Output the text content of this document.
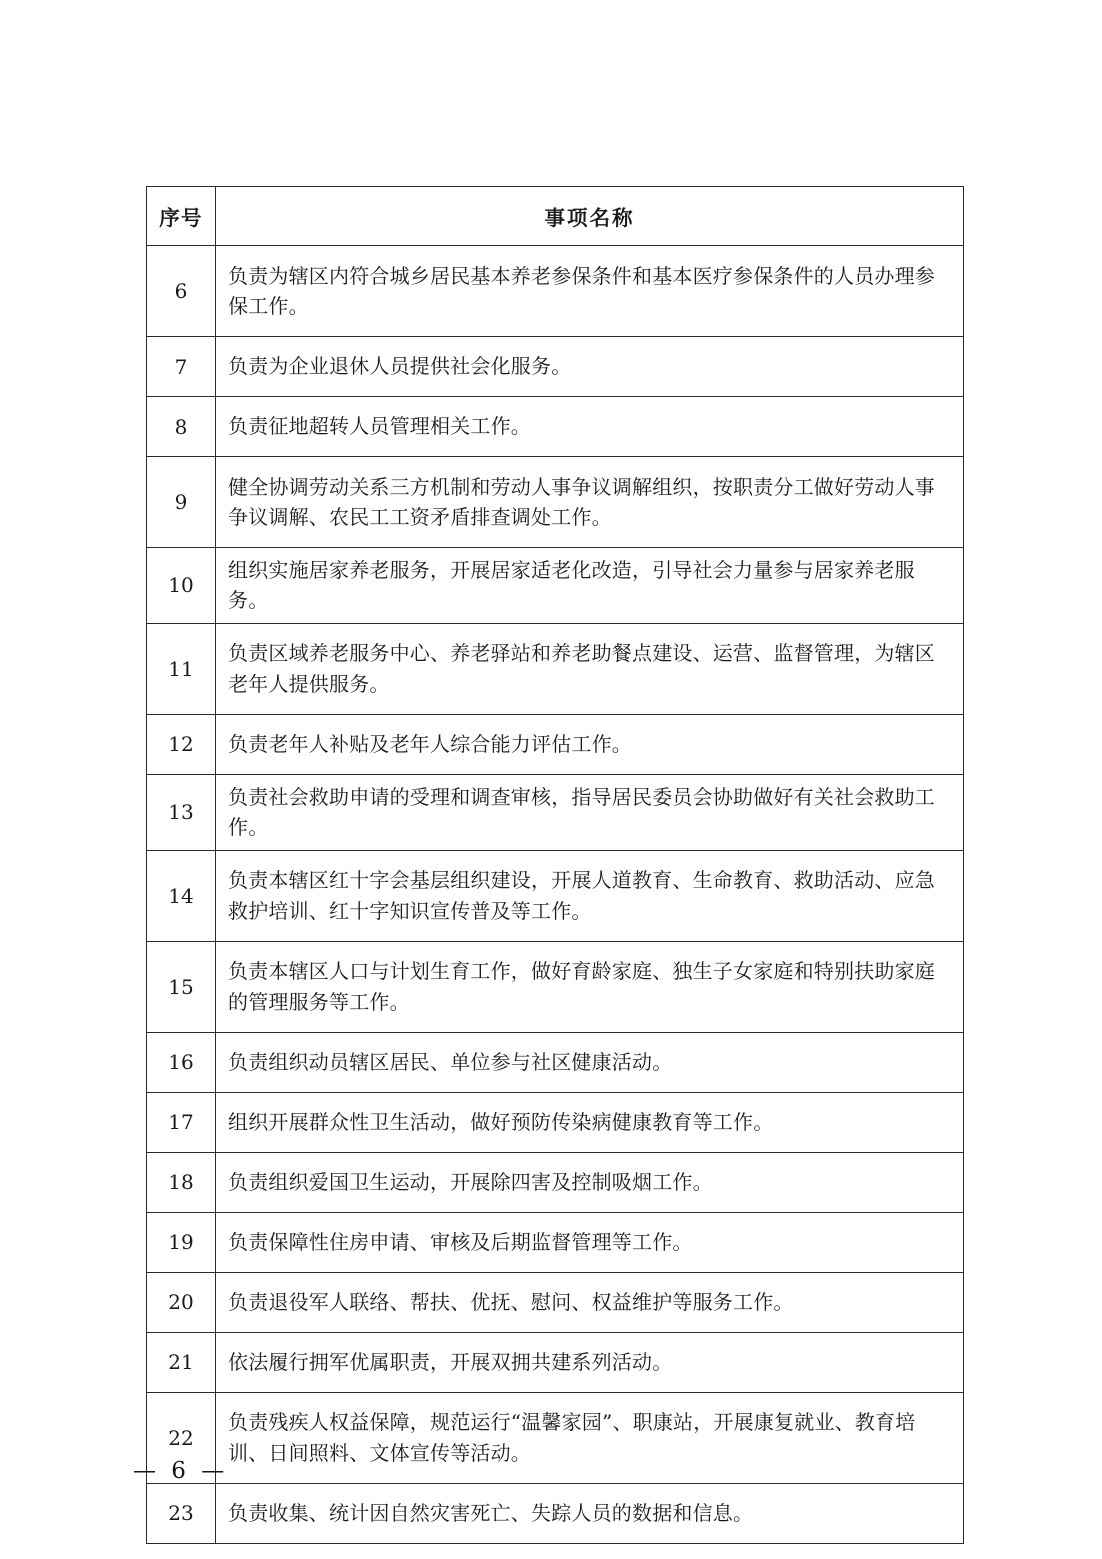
序号	事项名称
6	负责为辖区内符合城乡居民基本养老参保条件和基本医疗参保条件的人员办理参保工作。
7	负责为企业退休人员提供社会化服务。
8	负责征地超转人员管理相关工作。
9	健全协调劳动关系三方机制和劳动人事争议调解组织，按职责分工做好劳动人事争议调解、农民工工资矛盾排查调处工作。
10	组织实施居家养老服务，开展居家适老化改造，引导社会力量参与居家养老服务。
11	负责区域养老服务中心、养老驿站和养老助餐点建设、运营、监督管理，为辖区老年人提供服务。
12	负责老年人补贴及老年人综合能力评估工作。
13	负责社会救助申请的受理和调查审核，指导居民委员会协助做好有关社会救助工作。
14	负责本辖区红十字会基层组织建设，开展人道教育、生命教育、救助活动、应急救护培训、红十字知识宣传普及等工作。
15	负责本辖区人口与计划生育工作，做好育龄家庭、独生子女家庭和特别扶助家庭的管理服务等工作。
16	负责组织动员辖区居民、单位参与社区健康活动。
17	组织开展群众性卫生活动，做好预防传染病健康教育等工作。
18	负责组织爱国卫生运动，开展除四害及控制吸烟工作。
19	负责保障性住房申请、审核及后期监督管理等工作。
20	负责退役军人联络、帮扶、优抚、慰问、权益维护等服务工作。
21	依法履行拥军优属职责，开展双拥共建系列活动。
22	负责残疾人权益保障，规范运行“温馨家园”、职康站，开展康复就业、教育培训、日间照料、文体宣传等活动。
23	负责收集、统计因自然灾害死亡、失踪人员的数据和信息。
— 6 —
